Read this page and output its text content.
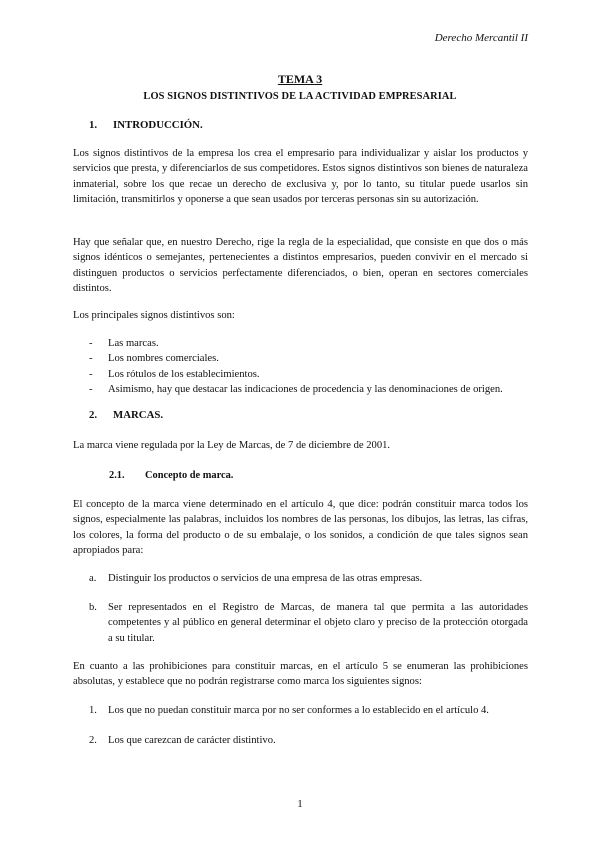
Derecho Mercantil II
TEMA 3
LOS SIGNOS DISTINTIVOS DE LA ACTIVIDAD EMPRESARIAL
1. INTRODUCCIÓN.
Los signos distintivos de la empresa los crea el empresario para individualizar y aislar los productos y servicios que presta, y diferenciarlos de sus competidores. Estos signos distintivos son bienes de naturaleza inmaterial, sobre los que recae un derecho de exclusiva y, por lo tanto, su titular puede usarlos sin limitación, transmitirlos y oponerse a que sean usados por terceras personas sin su autorización.
Hay que señalar que, en nuestro Derecho, rige la regla de la especialidad, que consiste en que dos o más signos idénticos o semejantes, pertenecientes a distintos empresarios, pueden convivir en el mercado si distinguen productos o servicios perfectamente diferenciados, o bien, operan en sectores comerciales distintos.
Los principales signos distintivos son:
- Las marcas.
- Los nombres comerciales.
- Los rótulos de los establecimientos.
- Asimismo, hay que destacar las indicaciones de procedencia y las denominaciones de origen.
2. MARCAS.
La marca viene regulada por la Ley de Marcas, de 7 de diciembre de 2001.
2.1. Concepto de marca.
El concepto de la marca viene determinado en el artículo 4, que dice: podrán constituir marca todos los signos, especialmente las palabras, incluidos los nombres de las personas, los dibujos, las letras, las cifras, los colores, la forma del producto o de su embalaje, o los sonidos, a condición de que tales signos sean apropiados para:
a. Distinguir los productos o servicios de una empresa de las otras empresas.
b. Ser representados en el Registro de Marcas, de manera tal que permita a las autoridades competentes y al público en general determinar el objeto claro y preciso de la protección otorgada a su titular.
En cuanto a las prohibiciones para constituir marcas, en el artículo 5 se enumeran las prohibiciones absolutas, y establece que no podrán registrarse como marca los siguientes signos:
1. Los que no puedan constituir marca por no ser conformes a lo establecido en el artículo 4.
2. Los que carezcan de carácter distintivo.
1
